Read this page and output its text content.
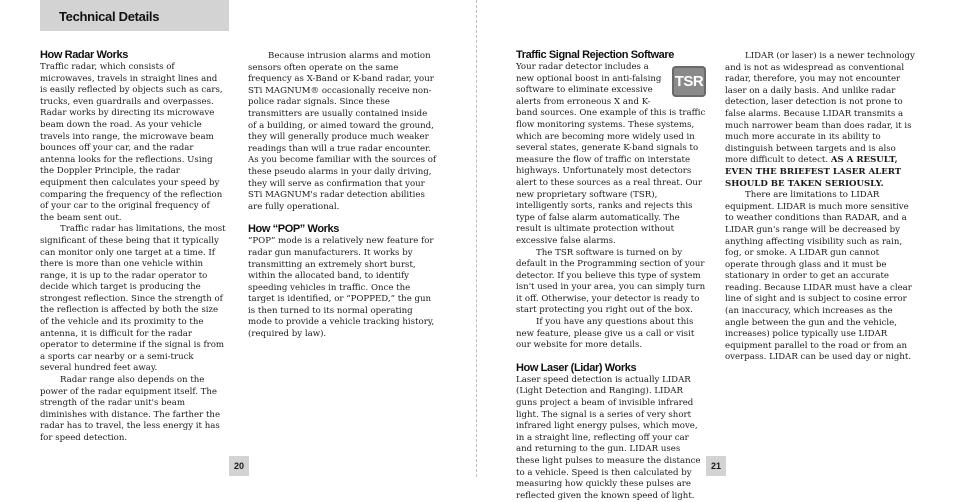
Technical Details
How Radar Works

Traffic radar, which consists of microwaves, travels in straight lines and is easily reflected by objects such as cars, trucks, even guardrails and overpasses. Radar works by directing its microwave beam down the road. As your vehicle travels into range, the microwave beam bounces off your car, and the radar antenna looks for the reflections. Using the Doppler Principle, the radar equipment then calculates your speed by comparing the frequency of the reflection of your car to the original frequency of the beam sent out.

Traffic radar has limitations, the most significant of these being that it typically can monitor only one target at a time. If there is more than one vehicle within range, it is up to the radar operator to decide which target is producing the strongest reflection. Since the strength of the reflection is affected by both the size of the vehicle and its proximity to the antenna, it is difficult for the radar operator to determine if the signal is from a sports car nearby or a semi-truck several hundred feet away.

Radar range also depends on the power of the radar equipment itself. The strength of the radar unit's beam diminishes with distance. The farther the radar has to travel, the less energy it has for speed detection.

Because intrusion alarms and motion sensors often operate on the same frequency as X-Band or K-band radar, your STi MAGNUM® occasionally receive non-police radar signals. Since these transmitters are usually contained inside of a building, or aimed toward the ground, they will generally produce much weaker readings than will a true radar encounter. As you become familiar with the sources of these pseudo alarms in your daily driving, they will serve as confirmation that your STi MAGNUM's radar detection abilities are fully operational.

How “POP” Works

“POP” mode is a relatively new feature for radar gun manufacturers. It works by transmitting an extremely short burst, within the allocated band, to identify speeding vehicles in traffic. Once the target is identified, or “POPPED,” the gun is then turned to its normal operating mode to provide a vehicle tracking history, (required by law).

20
Traffic Signal Rejection Software

TSR
Your radar detector includes a new optional boost in anti-falsing software to eliminate excessive alerts from erroneous X and K-band sources. One example of this is traffic flow monitoring systems. These systems, which are becoming more widely used in several states, generate K-band signals to measure the flow of traffic on interstate highways. Unfortunately most detectors alert to these sources as a real threat. Our new proprietary software (TSR), intelligently sorts, ranks and rejects this type of false alarm automatically. The result is ultimate protection without excessive false alarms.

The TSR software is turned on by default in the Programming section of your detector. If you believe this type of system isn't used in your area, you can simply turn it off. Otherwise, your detector is ready to start protecting you right out of the box.

If you have any questions about this new feature, please give us a call or visit our website for more details.

How Laser (Lidar) Works

Laser speed detection is actually LIDAR (Light Detection and Ranging). LIDAR guns project a beam of invisible infrared light. The signal is a series of very short infrared light energy pulses, which move, in a straight line, reflecting off your car and returning to the gun. LIDAR uses these light pulses to measure the distance to a vehicle. Speed is then calculated by measuring how quickly these pulses are reflected given the known speed of light.

LIDAR (or laser) is a newer technology and is not as widespread as conventional radar, therefore, you may not encounter laser on a daily basis. And unlike radar detection, laser detection is not prone to false alarms. Because LIDAR transmits a much narrower beam than does radar, it is much more accurate in its ability to distinguish between targets and is also more difficult to detect. AS A RESULT, EVEN THE BRIEFEST LASER ALERT SHOULD BE TAKEN SERIOUSLY.

There are limitations to LIDAR equipment. LIDAR is much more sensitive to weather conditions than RADAR, and a LIDAR gun's range will be decreased by anything affecting visibility such as rain, fog, or smoke. A LIDAR gun cannot operate through glass and it must be stationary in order to get an accurate reading. Because LIDAR must have a clear line of sight and is subject to cosine error (an inaccuracy, which increases as the angle between the gun and the vehicle, increases) police typically use LIDAR equipment parallel to the road or from an overpass. LIDAR can be used day or night.

21
